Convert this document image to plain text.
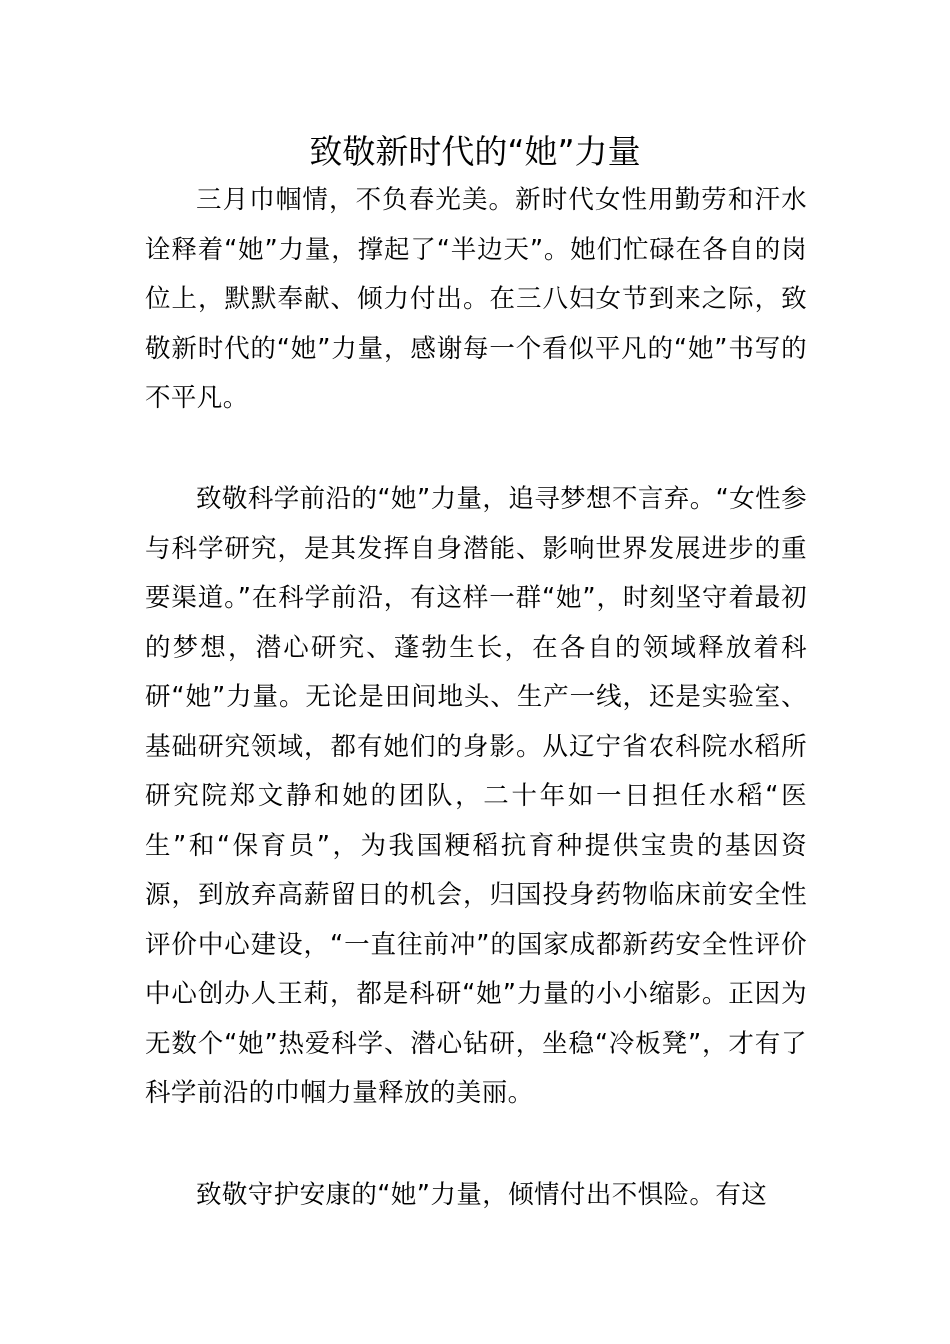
致敬新时代的“她”力量

三月巾帼情，不负春光美。新时代女性用勤劳和汗水诠释着“她”力量，撑起了“半边天”。她们忙碌在各自的岗位上，默默奉献、倾力付出。在三八妇女节到来之际，致敬新时代的“她”力量，感谢每一个看似平凡的“她”书写的不平凡。

致敬科学前沿的“她”力量，追寻梦想不言弃。“女性参与科学研究，是其发挥自身潜能、影响世界发展进步的重要渠道。”在科学前沿，有这样一群“她”，时刻坚守着最初的梦想，潜心研究、蓬勃生长，在各自的领域释放着科研“她”力量。无论是田间地头、生产一线，还是实验室、基础研究领域，都有她们的身影。从辽宁省农科院水稻所研究院郑文静和她的团队，二十年如一日担任水稻“医生”和“保育员”，为我国粳稻抗育种提供宝贵的基因资源，到放弃高薪留日的机会，归国投身药物临床前安全性评价中心建设，“一直往前冲”的国家成都新药安全性评价中心创办人王莉，都是科研“她”力量的小小缩影。正因为无数个“她”热爱科学、潜心钻研，坐稳“冷板凳”，才有了科学前沿的巾帼力量释放的美丽。

致敬守护安康的“她”力量，倾情付出不惧险。有这
